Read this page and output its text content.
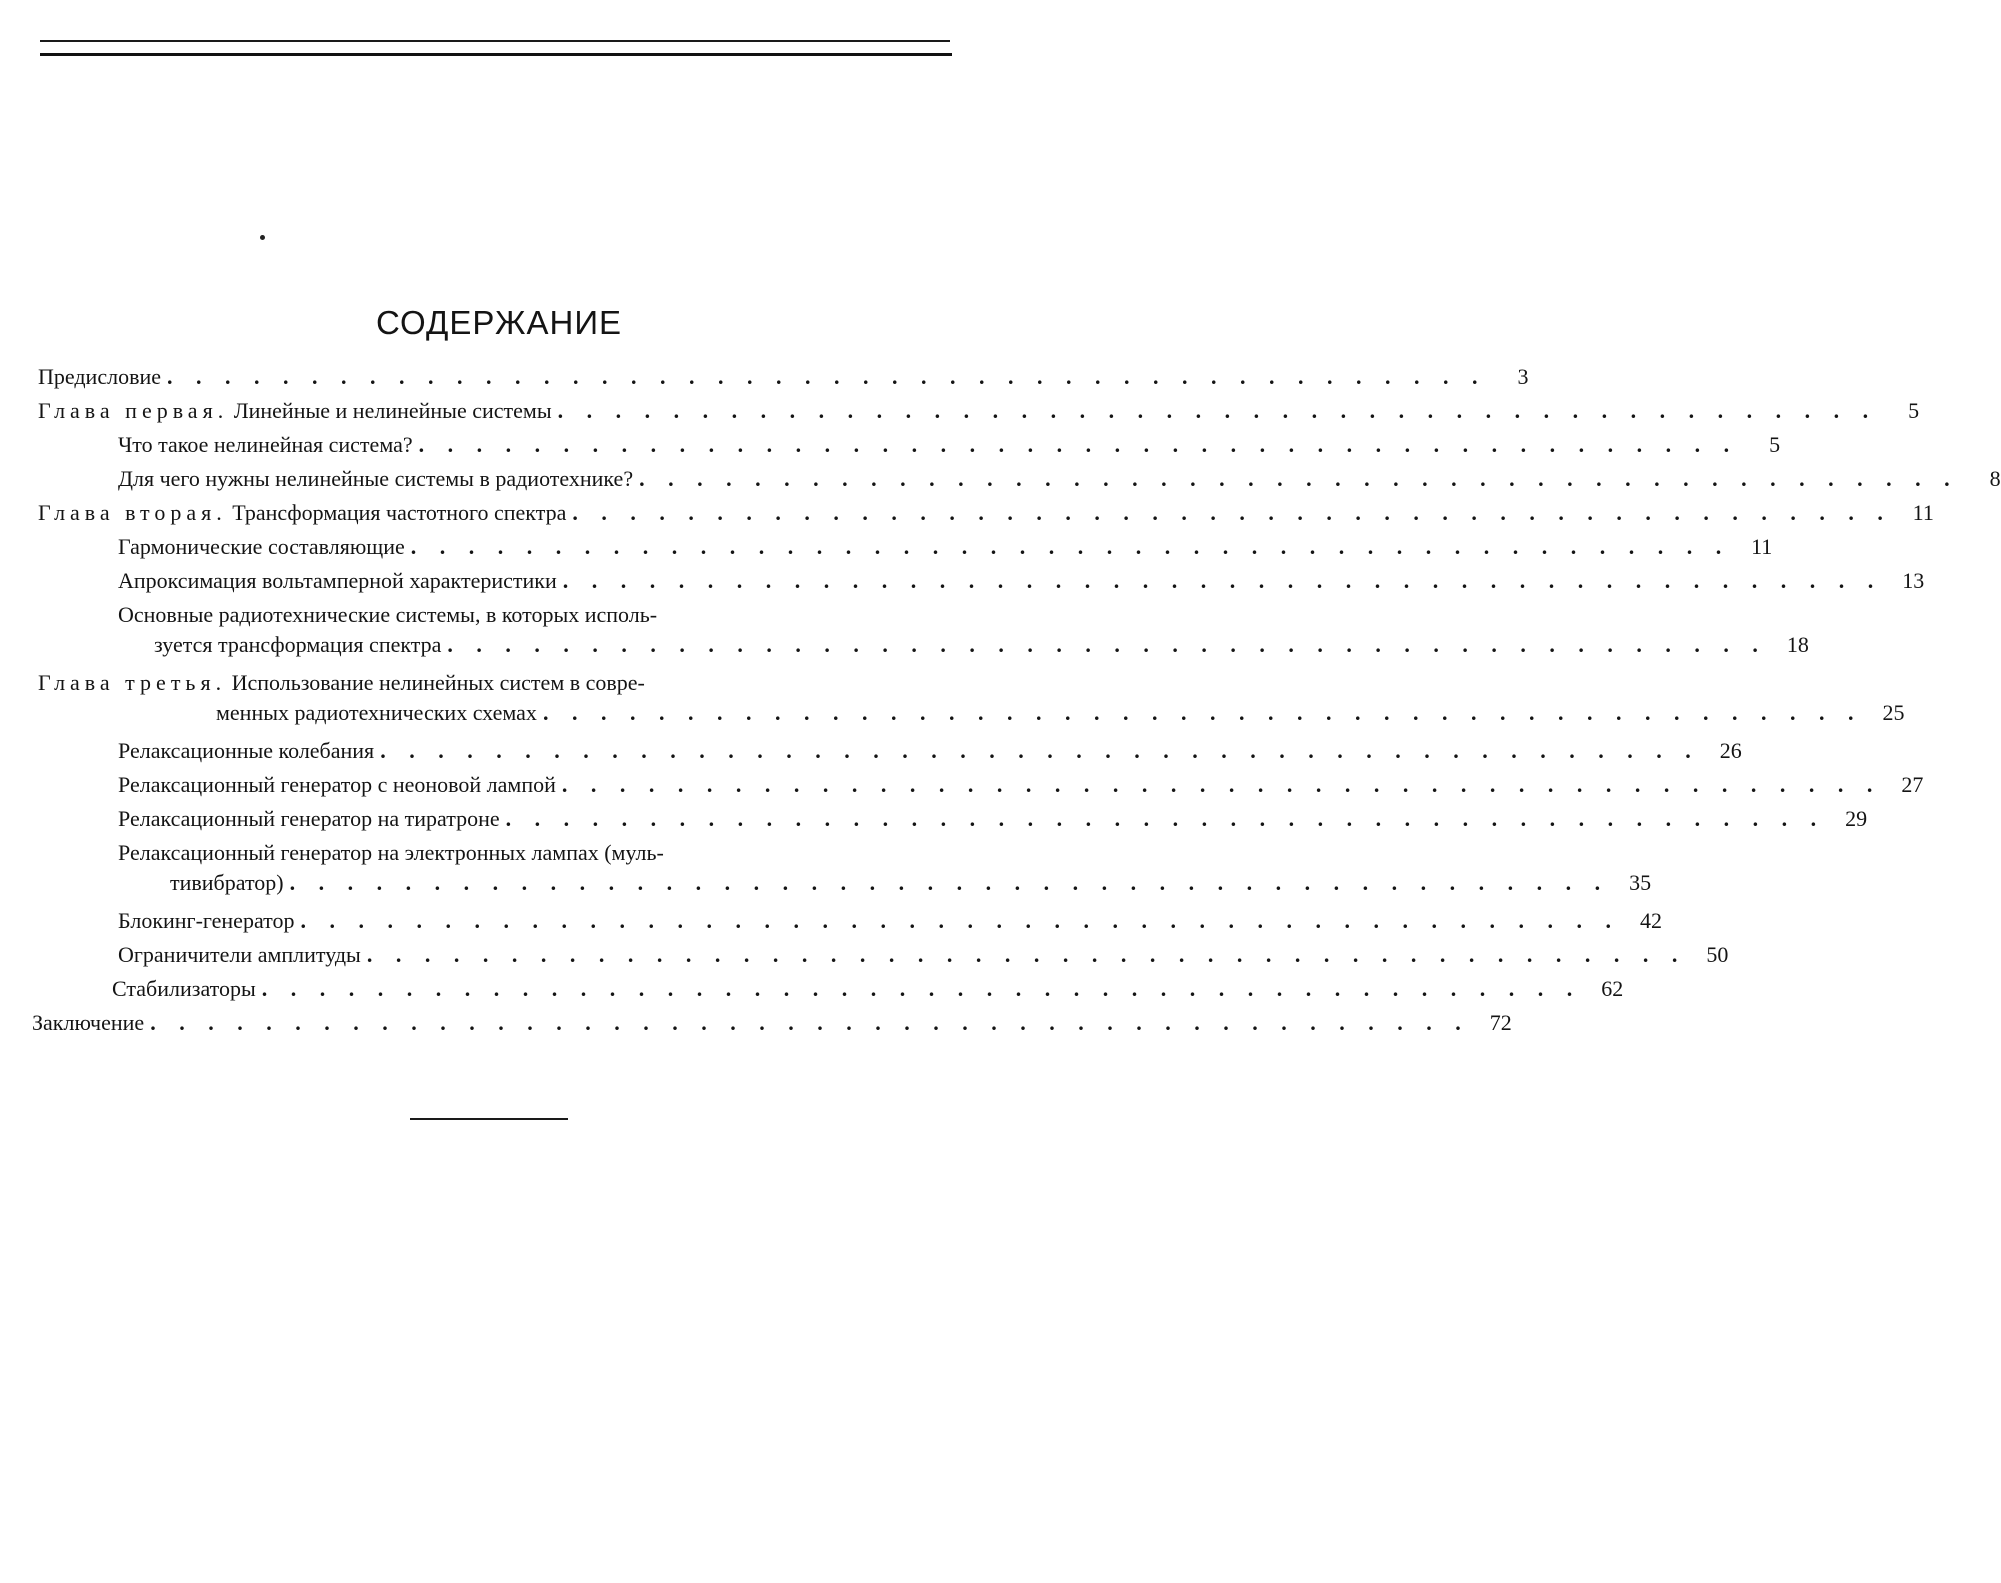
СОДЕРЖАНИЕ
Предисловие . . . . . . . . . . . . . . . . . . . . . . . . . . . . . . . . . . . . . . . . . . . . . .	3
Глава первая. Линейные и нелинейные системы . . . . . . . . . . . . . . . . . . . . . . . . . . . . . . . . . . . . . . . . . . . . . .	5
Что такое нелинейная система? . . . . . . . . . . . . . . . . . . . . . . . . . . . . . . . . . . . . . . . . . . . . . .	5
Для чего нужны нелинейные системы в радиотехнике? . . . . . . . . . . . . . . . . . . . . . . . . . . . . . . . . . . . . . . . . . . . . . .	8
Глава вторая. Трансформация частотного спектра . . . . . . . . . . . . . . . . . . . . . . . . . . . . . . . . . . . . . . . . . . . . . . 11
Гармонические составляющие . . . . . . . . . . . . . . . . . . . . . . . . . . . . . . . . . . . . . . . . . . . . . . 11
Апроксимация вольтамперной характеристики . . . . . . . . . . . . . . . . . . . . . . . . . . . . . . . . . . . . . . . . . . . . . . 13
Основные радиотехнические системы, в которых исполь-
зуется трансформация спектра . . . . . . . . . . . . . . . . . . . . . . . . . . . . . . . . . . . . . . . . . . . . . . 18
Глава третья. Использование нелинейных систем в совре-
менных радиотехнических схемах . . . . . . . . . . . . . . . . . . . . . . . . . . . . . . . . . . . . . . . . . . . . . . 25
Релаксационные колебания . . . . . . . . . . . . . . . . . . . . . . . . . . . . . . . . . . . . . . . . . . . . . . 26
Релаксационный генератор с неоновой лампой . . . . . . . . . . . . . . . . . . . . . . . . . . . . . . . . . . . . . . . . . . . . . . 27
Релаксационный генератор на тиратроне . . . . . . . . . . . . . . . . . . . . . . . . . . . . . . . . . . . . . . . . . . . . . . 29
Релаксационный генератор на электронных лампах (муль-
тивибратор) . . . . . . . . . . . . . . . . . . . . . . . . . . . . . . . . . . . . . . . . . . . . . . 35
Блокинг-генератор . . . . . . . . . . . . . . . . . . . . . . . . . . . . . . . . . . . . . . . . . . . . . . 42
Ограничители амплитуды . . . . . . . . . . . . . . . . . . . . . . . . . . . . . . . . . . . . . . . . . . . . . . 50
Стабилизаторы . . . . . . . . . . . . . . . . . . . . . . . . . . . . . . . . . . . . . . . . . . . . . . 62
Заключение . . . . . . . . . . . . . . . . . . . . . . . . . . . . . . . . . . . . . . . . . . . . . . 72
